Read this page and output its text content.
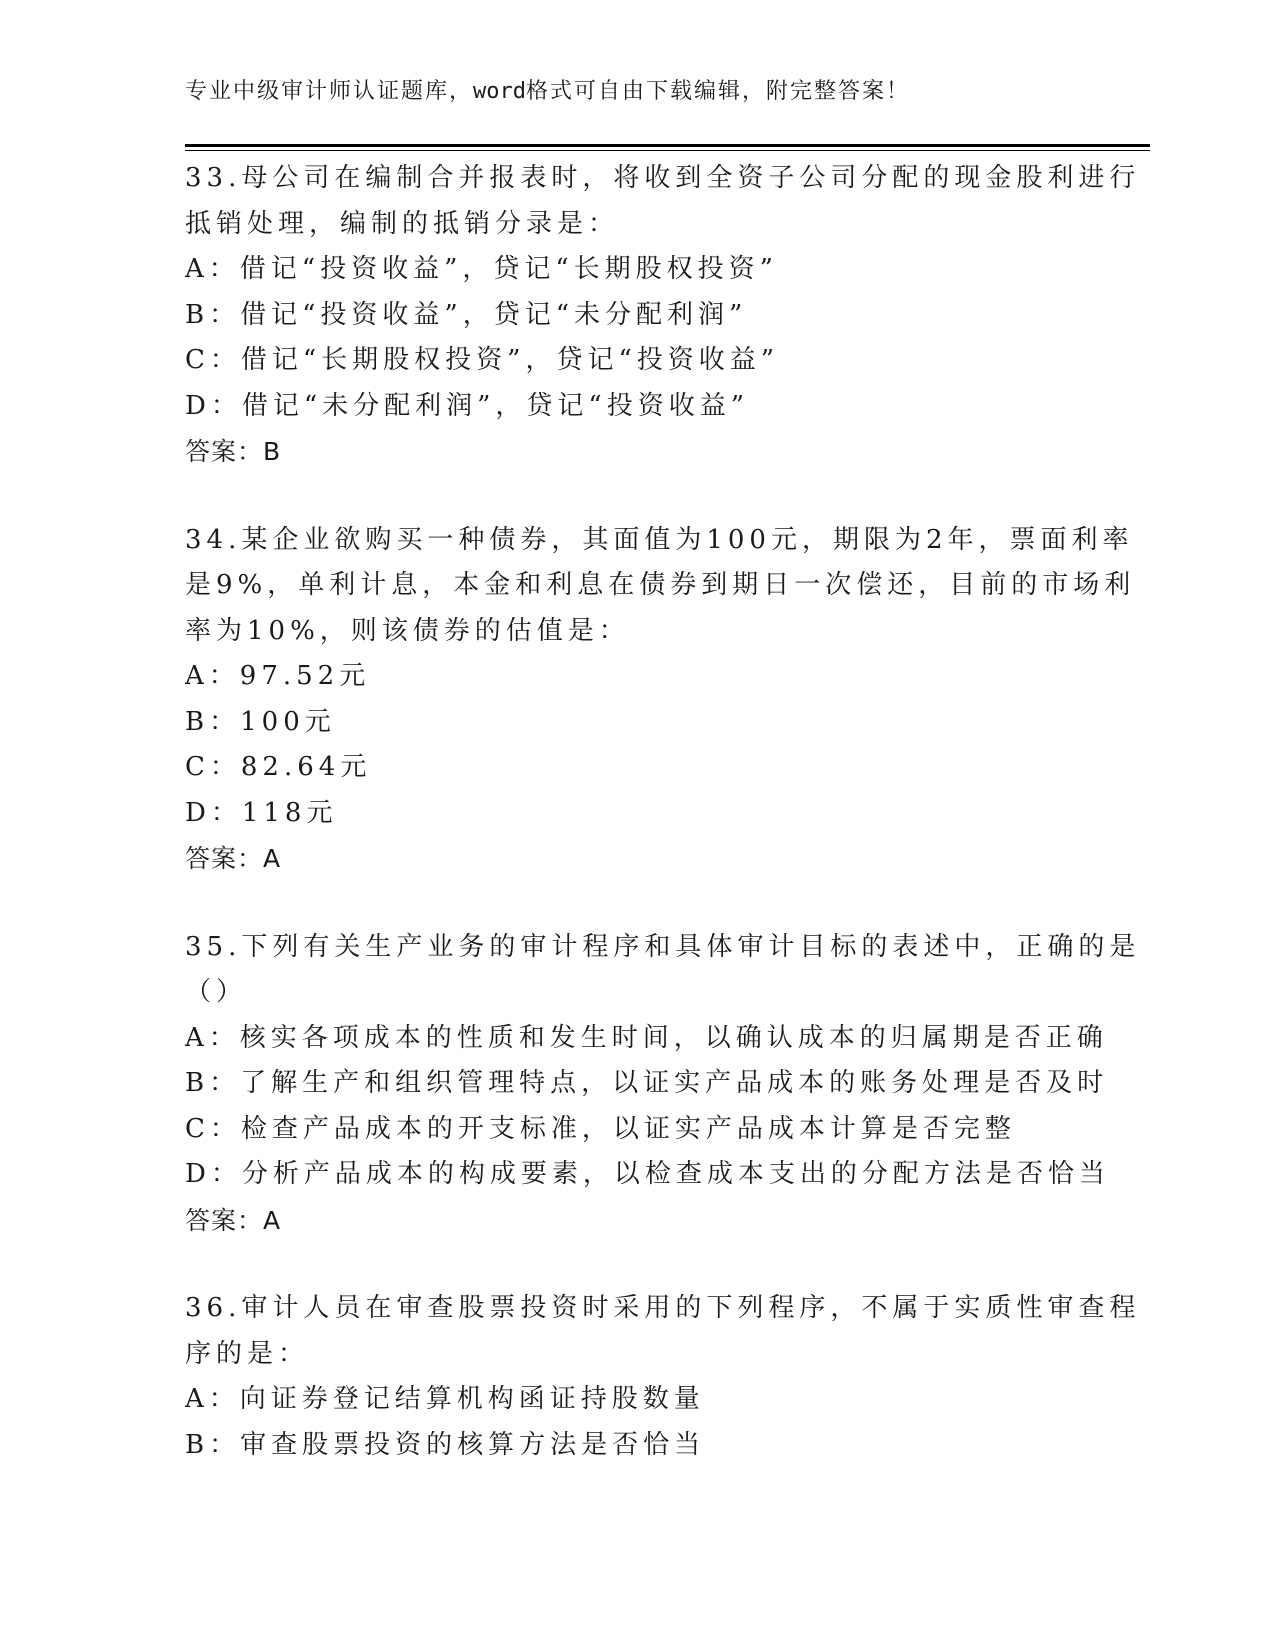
专业中级审计师认证题库，word格式可自由下载编辑，附完整答案！
33.母公司在编制合并报表时，将收到全资子公司分配的现金股利进行
抵销处理，编制的抵销分录是：
A：借记“投资收益”，贷记“长期股权投资”
B：借记“投资收益”，贷记“未分配利润”
C：借记“长期股权投资”，贷记“投资收益”
D：借记“未分配利润”，贷记“投资收益”
答案：B
34.某企业欲购买一种债券，其面值为100元，期限为2年，票面利率
是9%，单利计息，本金和利息在债券到期日一次偿还，目前的市场利
率为10%，则该债券的估值是：
A：97.52元
B：100元
C：82.64元
D：118元
答案：A
35.下列有关生产业务的审计程序和具体审计目标的表述中，正确的是
（）
A：核实各项成本的性质和发生时间，以确认成本的归属期是否正确
B：了解生产和组织管理特点，以证实产品成本的账务处理是否及时
C：检查产品成本的开支标准，以证实产品成本计算是否完整
D：分析产品成本的构成要素，以检查成本支出的分配方法是否恰当
答案：A
36.审计人员在审查股票投资时采用的下列程序，不属于实质性审查程
序的是：
A：向证券登记结算机构函证持股数量
B：审查股票投资的核算方法是否恰当
